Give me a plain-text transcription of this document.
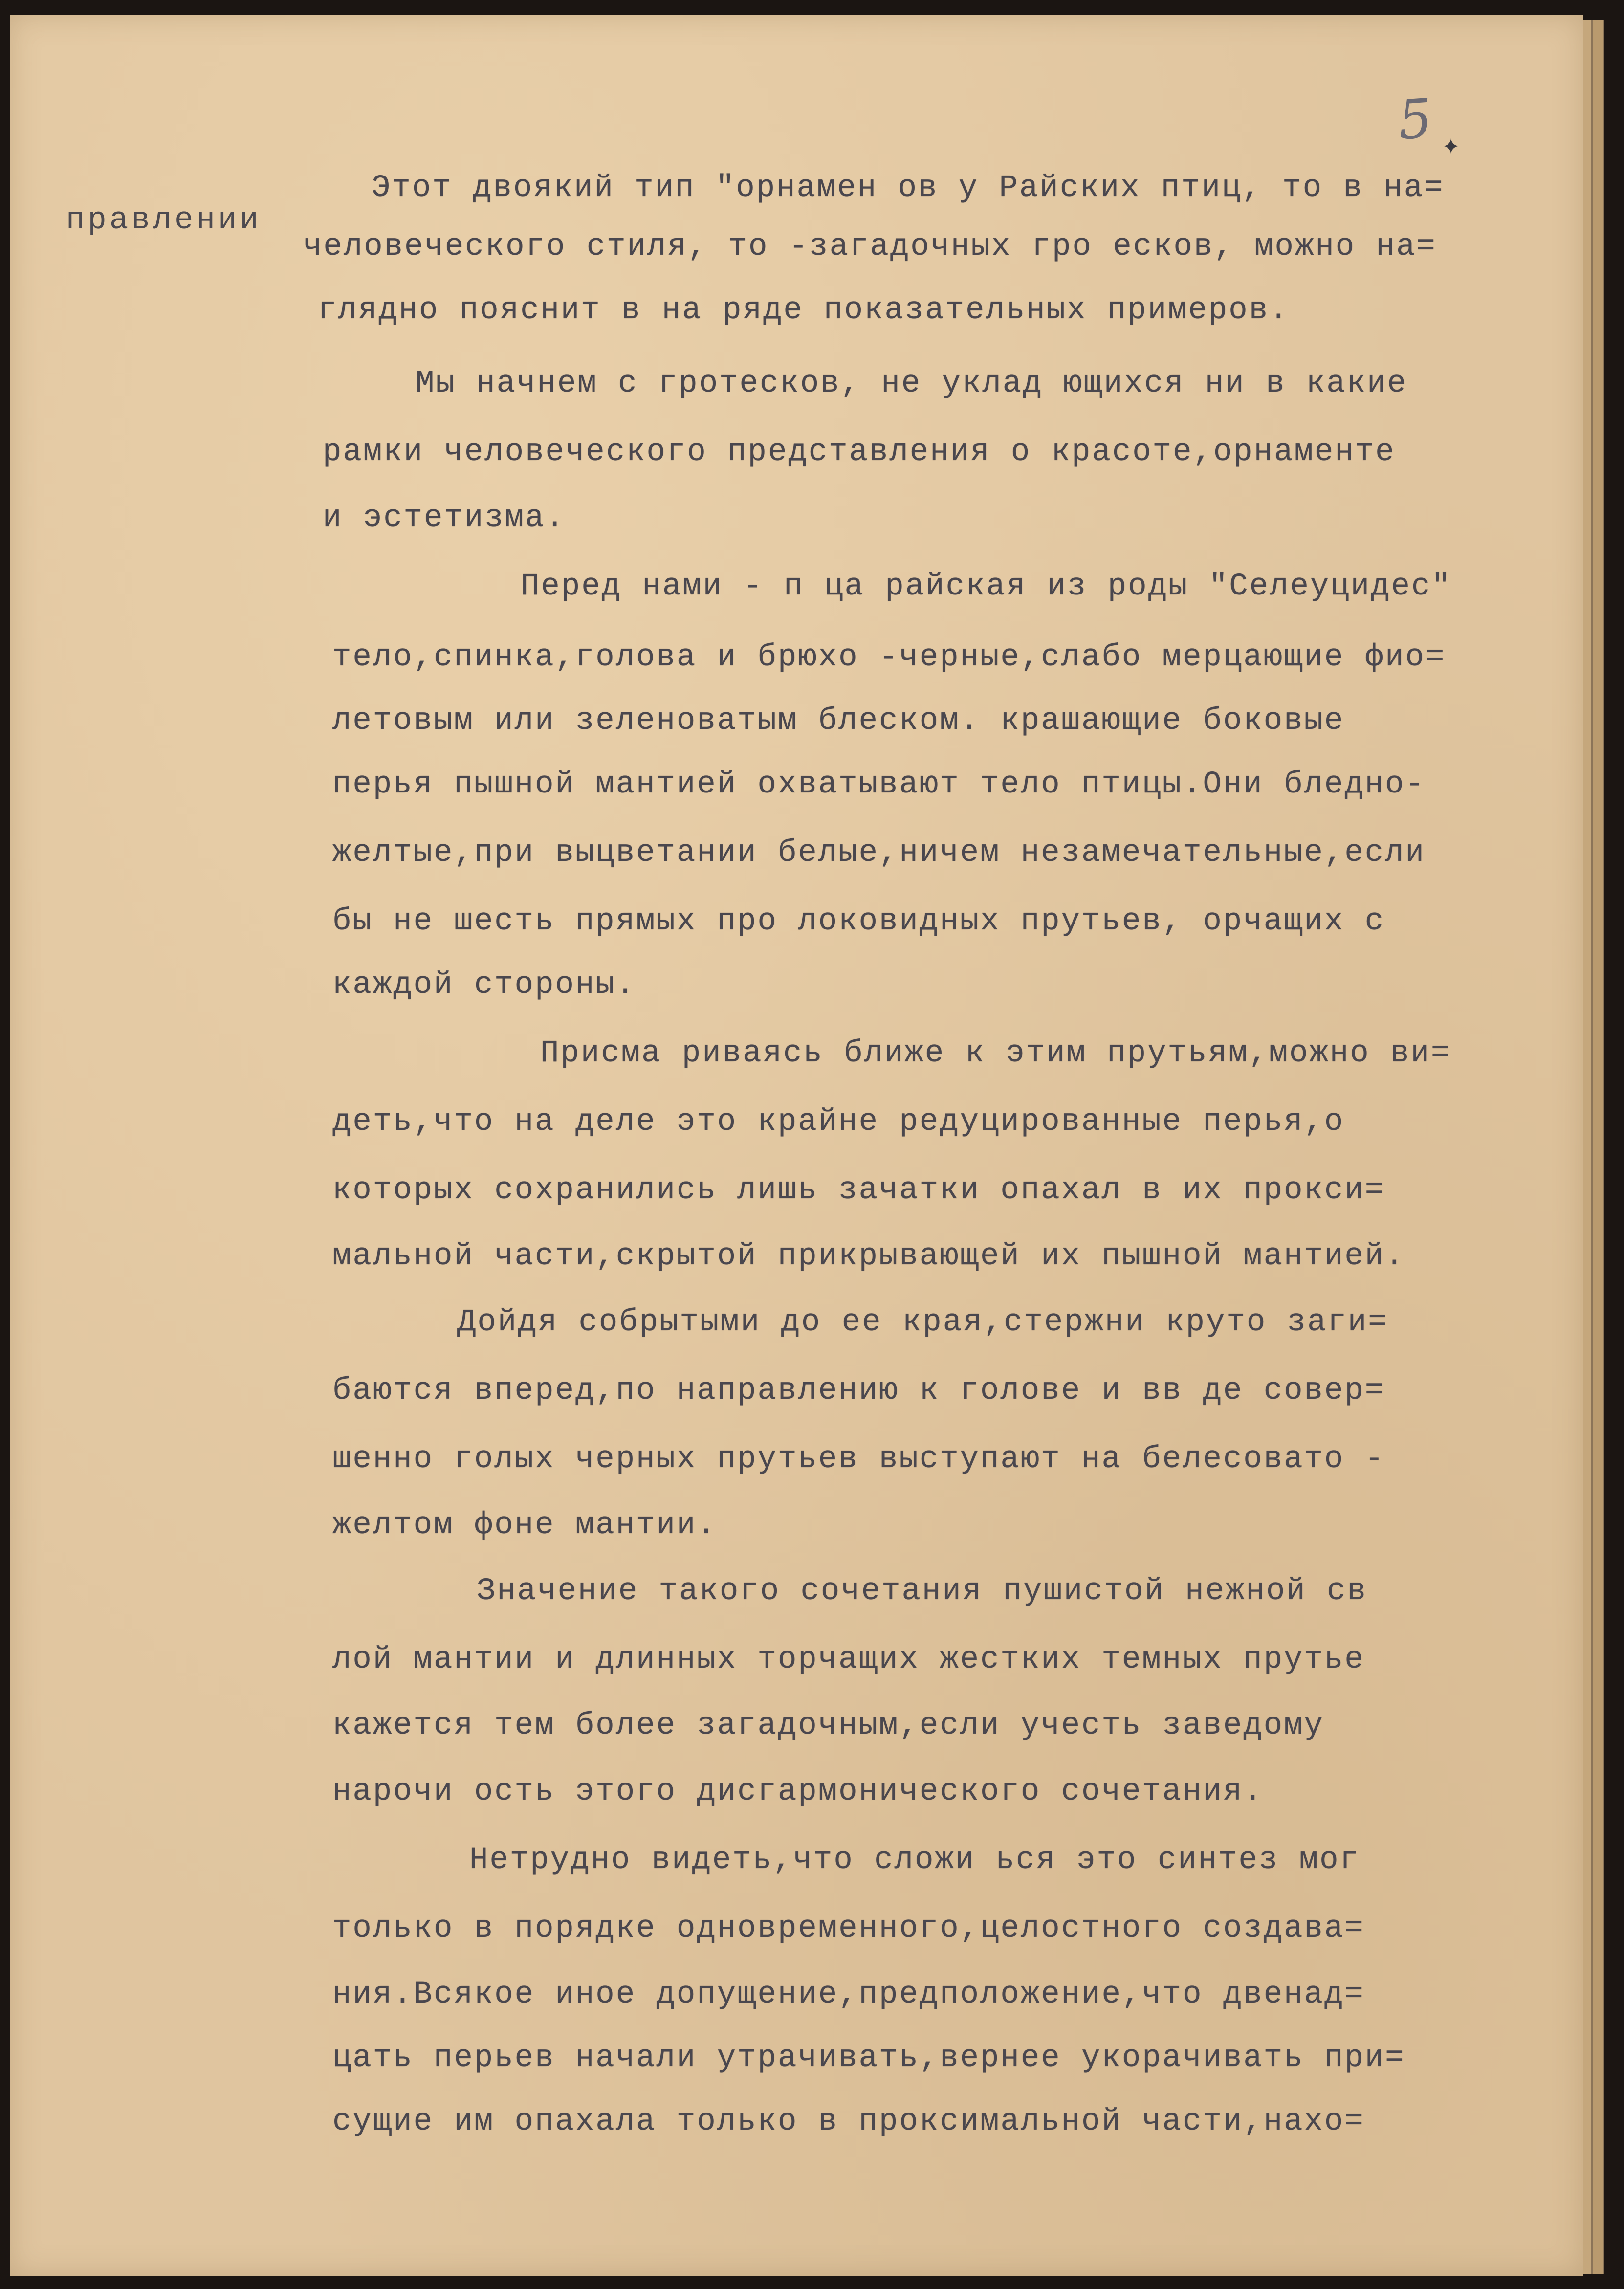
5 ✦
правлении
Этот двоякий тип "орнамен ов у Райских птиц, то в на=
человеческого стиля, то -загадочных гро есков, можно на=
глядно пояснит в на ряде показательных примеров.
Мы начнем с гротесков, не уклад ющихся ни в какие
рамки человеческого представления о красоте,орнаменте
и эстетизма.
Перед нами - п ца райская из роды "Селеуцидес"
тело,спинка,голова и брюхо -черные,слабо мерцающие фио=
летовым или зеленоватым блеском. крашающие боковые
перья пышной мантией охватывают тело птицы.Они бледно-
желтые,при выцветании белые,ничем незамечательные,если
бы не шесть прямых про локовидных прутьев, орчащих с
каждой стороны.
Присма риваясь ближе к этим прутьям,можно ви=
деть,что на деле это крайне редуцированные перья,о
которых сохранились лишь зачатки опахал в их прокси=
мальной части,скрытой прикрывающей их пышной мантией.
Дойдя собрытыми до ее края,стержни круто заги=
баются вперед,по направлению к голове и вв де совер=
шенно голых черных прутьев выступают на белесовато -
желтом фоне мантии.
Значение такого сочетания пушистой нежной св
лой мантии и длинных торчащих жестких темных прутье
кажется тем более загадочным,если учесть заведому
нарочи ость этого дисгармонического сочетания.
Нетрудно видеть,что сложи ься это синтез мог
только в порядке одновременного,целостного создава=
ния.Всякое иное допущение,предположение,что двенад=
цать перьев начали утрачивать,вернее укорачивать при=
сущие им опахала только в проксимальной части,нахо=
